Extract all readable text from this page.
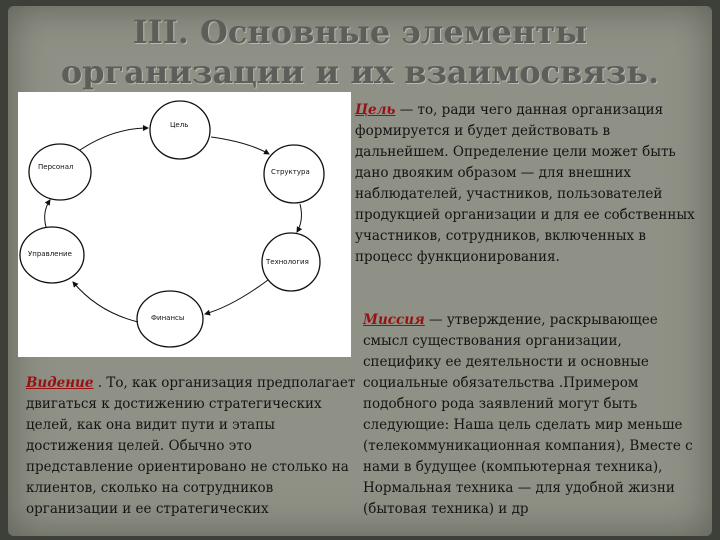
III. Основные элементы
организации и их взаимосвязь.
Цель
Структура
Технология
Финансы
Управление
Персонал
Цель — то, ради чего данная организация формируется и будет действовать в дальнейшем. Определение цели может быть дано двояким образом — для внешних наблюдателей, участников, пользователей продукцией организации и для ее собственных участников, сотрудников, включенных в процесс функционирования.
Миссия — утверждение, раскрывающее смысл существования организации, специфику ее деятельности и основные социальные обязательства .Примером подобного рода заявлений могут быть следующие: Наша цель сделать мир меньше (телекоммуникационная компания), Вместе с нами в будущее (компьютерная техника), Нормальная техника — для удобной жизни (бытовая техника) и др
Видение . То, как организация предполагает двигаться к достижению стратегических целей, как она видит пути и этапы достижения целей. Обычно это представление ориентировано не столько на клиентов, сколько на сотрудников организации и ее стратегических
